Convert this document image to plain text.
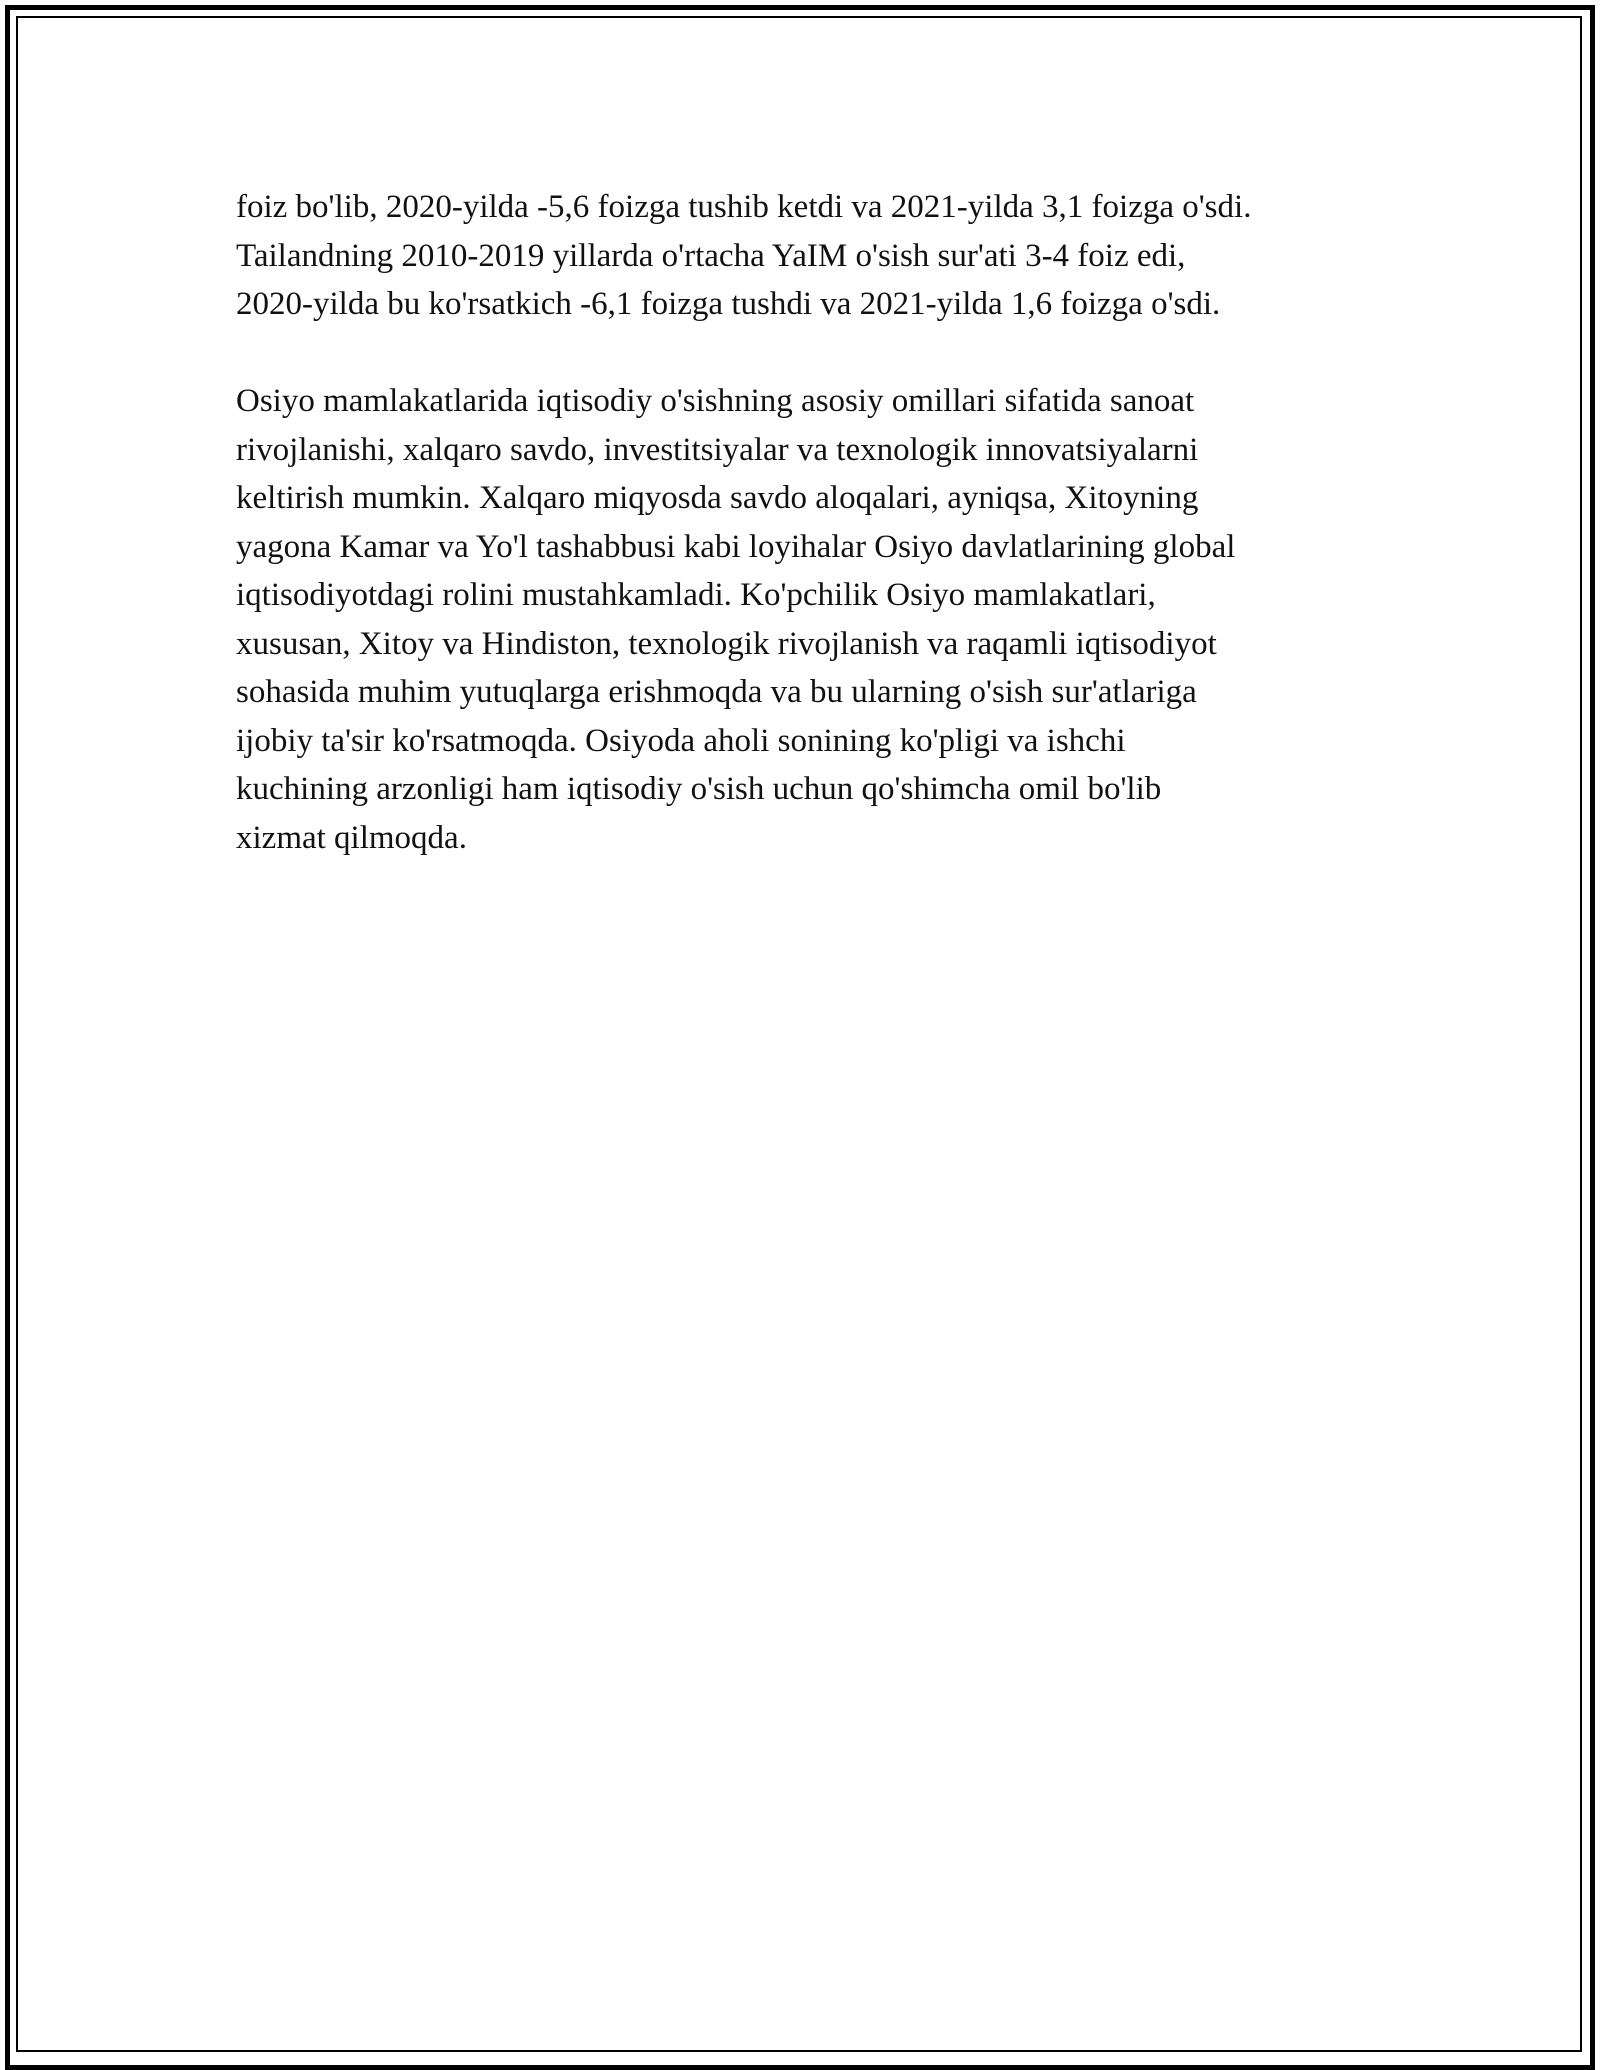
foiz bo'lib, 2020-yilda -5,6 foizga tushib ketdi va 2021-yilda 3,1 foizga o'sdi.
Tailandning 2010-2019 yillarda o'rtacha YaIM o'sish sur'ati 3-4 foiz edi,
2020-yilda bu ko'rsatkich -6,1 foizga tushdi va 2021-yilda 1,6 foizga o'sdi.

Osiyo mamlakatlarida iqtisodiy o'sishning asosiy omillari sifatida sanoat
rivojlanishi, xalqaro savdo, investitsiyalar va texnologik innovatsiyalarni
keltirish mumkin. Xalqaro miqyosda savdo aloqalari, ayniqsa, Xitoyning
yagona Kamar va Yo'l tashabbusi kabi loyihalar Osiyo davlatlarining global
iqtisodiyotdagi rolini mustahkamladi. Ko'pchilik Osiyo mamlakatlari,
xususan, Xitoy va Hindiston, texnologik rivojlanish va raqamli iqtisodiyot
sohasida muhim yutuqlarga erishmoqda va bu ularning o'sish sur'atlariga
ijobiy ta'sir ko'rsatmoqda. Osiyoda aholi sonining ko'pligi va ishchi
kuchining arzonligi ham iqtisodiy o'sish uchun qo'shimcha omil bo'lib
xizmat qilmoqda.
